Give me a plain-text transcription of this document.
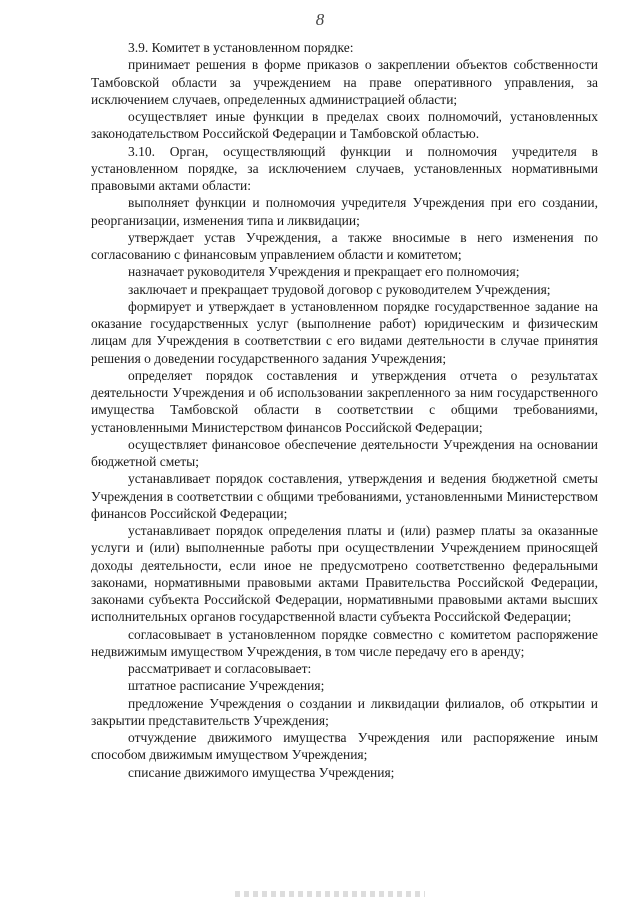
8

3.9. Комитет в установленном порядке:

принимает решения в форме приказов о закреплении объектов собственности Тамбовской области за учреждением на праве оперативного управления, за исключением случаев, определенных администрацией области;

осуществляет иные функции в пределах своих полномочий, установленных законодательством Российской Федерации и Тамбовской областью.

3.10. Орган, осуществляющий функции и полномочия учредителя в установленном порядке, за исключением случаев, установленных нормативными правовыми актами области:

выполняет функции и полномочия учредителя Учреждения при его создании, реорганизации, изменения типа и ликвидации;

утверждает устав Учреждения, а также вносимые в него изменения по согласованию с финансовым управлением области и комитетом;

назначает руководителя Учреждения и прекращает его полномочия;

заключает и прекращает трудовой договор с руководителем Учреждения;

формирует и утверждает в установленном порядке государственное задание на оказание государственных услуг (выполнение работ) юридическим и физическим лицам для Учреждения в соответствии с его видами деятельности в случае принятия решения о доведении государственного задания Учреждения;

определяет порядок составления и утверждения отчета о результатах деятельности Учреждения и об использовании закрепленного за ним государственного имущества Тамбовской области в соответствии с общими требованиями, установленными Министерством финансов Российской Федерации;

осуществляет финансовое обеспечение деятельности Учреждения на основании бюджетной сметы;

устанавливает порядок составления, утверждения и ведения бюджетной сметы Учреждения в соответствии с общими требованиями, установленными Министерством финансов Российской Федерации;

устанавливает порядок определения платы и (или) размер платы за оказанные услуги и (или) выполненные работы при осуществлении Учреждением приносящей доходы деятельности, если иное не предусмотрено соответственно федеральными законами, нормативными правовыми актами Правительства Российской Федерации, законами субъекта Российской Федерации, нормативными правовыми актами высших исполнительных органов государственной власти субъекта Российской Федерации;

согласовывает в установленном порядке совместно с комитетом распоряжение недвижимым имуществом Учреждения, в том числе передачу его в аренду;

рассматривает и согласовывает:

штатное расписание Учреждения;

предложение Учреждения о создании и ликвидации филиалов, об открытии и закрытии представительств Учреждения;

отчуждение движимого имущества Учреждения или распоряжение иным способом движимым имуществом Учреждения;

списание движимого имущества Учреждения;
